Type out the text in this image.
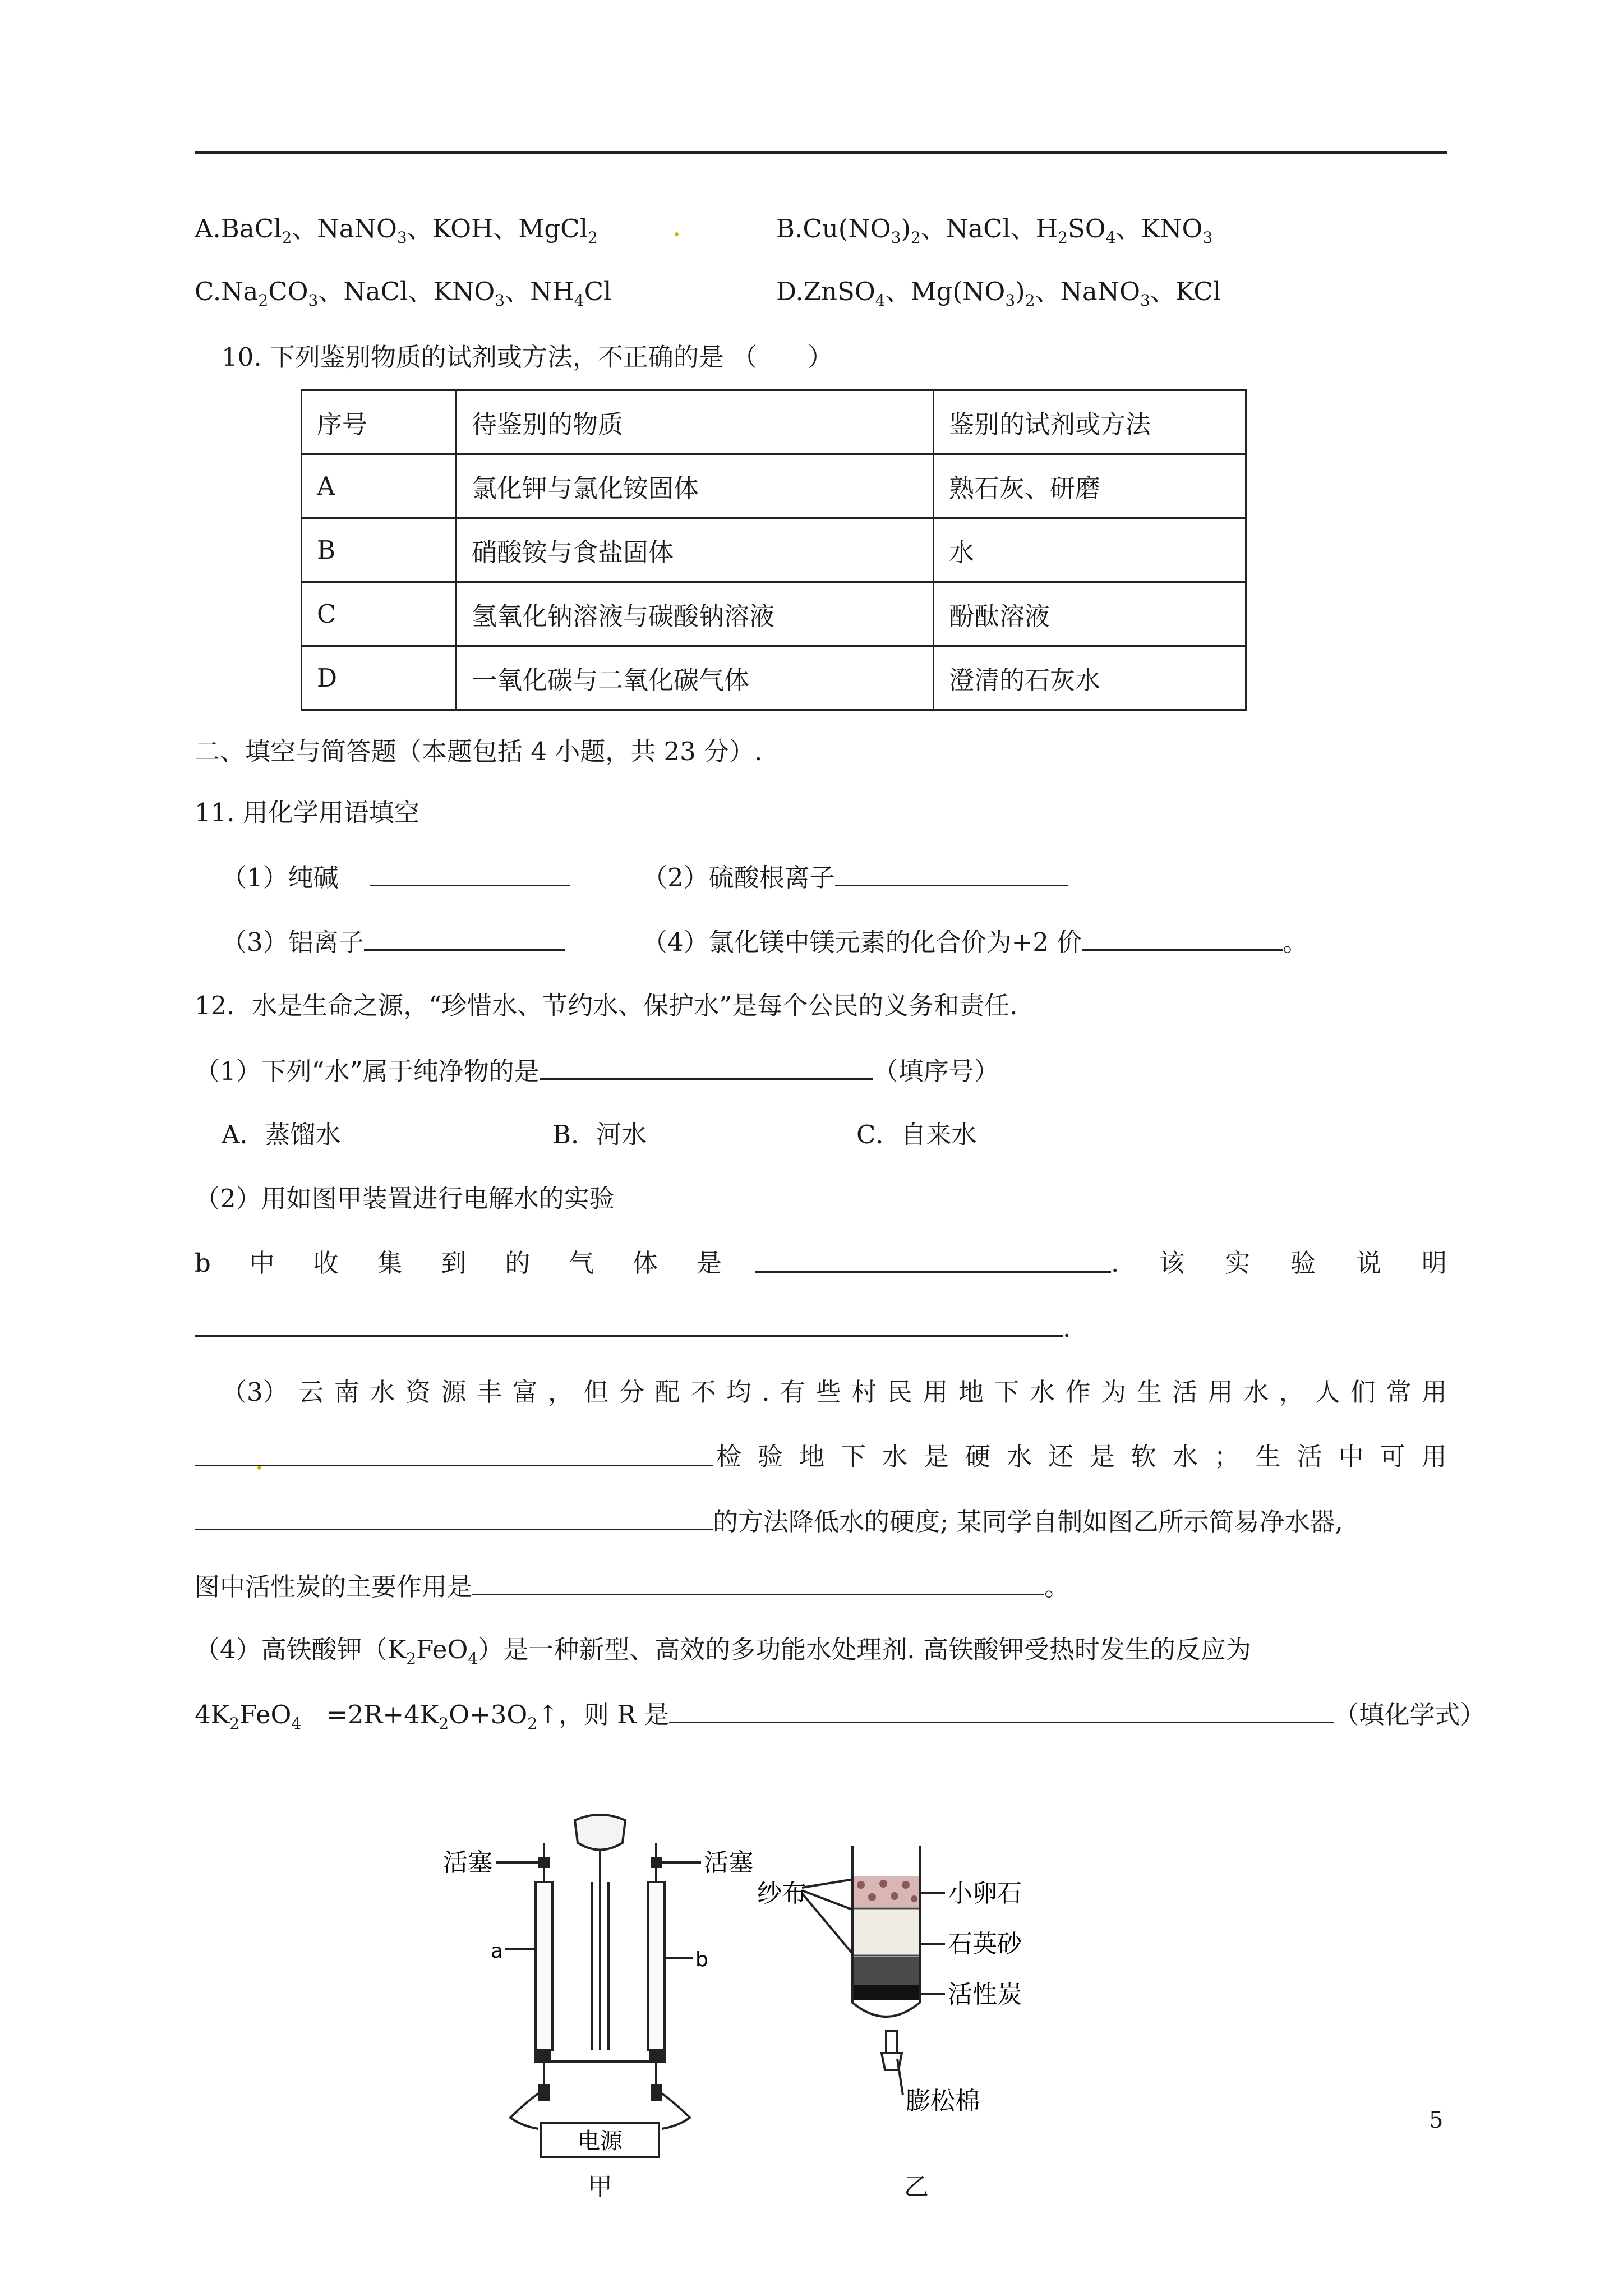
A.BaCl$_2$、NaNO$_3$、KOH、MgCl$_2$	$B.Cu(NO_3)_2$、NaCl、$H_2SO_4$、$KNO_3$
$C.Na_2CO_3$、NaCl、$KNO_3$、$NH_4Cl$	D.ZnSO$_4$、$Mg(NO_3)_2$、NaNO$_3$、KCl
10. 下列鉴别物质的试剂或方法，不正确的是 （　　）
序号	待鉴别的物质	鉴别的试剂或方法
A	氯化钾与氯化铵固体	熟石灰、研磨
B	硝酸铵与食盐固体	水
C	氢氧化钠溶液与碳酸钠溶液	酚酞溶液
D	一氧化碳与二氧化碳气体	澄清的石灰水
二、填空与简答题（本题包括 4 小题，共 23 分）.
11. 用化学用语填空
（1）纯碱	（2）硫酸根离子
（3）铝离子	（4）氯化镁中镁元素的化合价为+2 价	。
12．水是生命之源，“珍惜水、节约水、保护水”是每个公民的义务和责任.
（1）下列“水”属于纯净物的是	（填序号）
A．蒸馏水	B．河水	C．自来水
（2）用如图甲装置进行电解水的实验
b 中 收 集 到 的 气 体 是	. 该 实 验 说 明
.
（3） 云 南 水 资 源 丰 富 ， 但 分 配 不 均 . 有 些 村 民 用 地 下 水 作 为 生 活 用 水 ， 人 们 常 用
检 验 地 下 水 是 硬 水 还 是 软 水 ； 生 活 中 可 用
的方法降低水的硬度; 某同学自制如图乙所示简易净水器,
图中活性炭的主要作用是	。
（4）高铁酸钾$(K_2FeO_4)$是一种新型、高效的多功能水处理剂. 高铁酸钾受热时发生的反应为
$4K_2FeO_4$　$=2R+4K_2O+3O_2↑$，则 R 是	（填化学式）
活塞	活塞
a	b
电源
甲
纱布	小卵石
石英砂
活性炭
膨松棉
乙
5
